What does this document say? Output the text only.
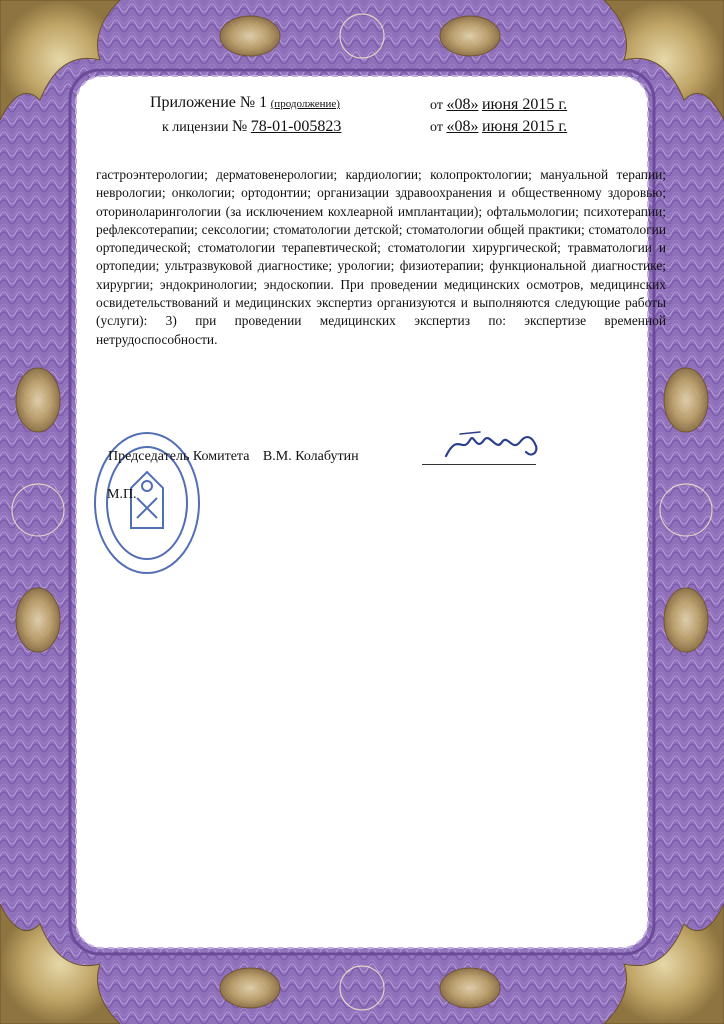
Приложение № 1 (продолжение)	от «08» июня 2015 г.
к лицензии № 78-01-005823	от «08» июня 2015 г.
гастроэнтерологии; дерматовенерологии; кардиологии; колопроктологии; мануальной терапии; неврологии; онкологии; ортодонтии; организации здравоохранения и общественному здоровью; оториноларингологии (за исключением кохлеарной имплантации); офтальмологии; психотерапии; рефлексотерапии; сексологии; стоматологии детской; стоматологии общей практики; стоматологии ортопедической; стоматологии терапевтической; стоматологии хирургической; травматологии и ортопедии; ультразвуковой диагностике; урологии; физиотерапии; функциональной диагностике; хирургии; эндокринологии; эндоскопии. При проведении медицинских осмотров, медицинских освидетельствований и медицинских экспертиз организуются и выполняются следующие работы (услуги): 3) при проведении медицинских экспертиз по: экспертизе временной нетрудоспособности.
Председатель Комитета В.М. Колабутин
М.П.
